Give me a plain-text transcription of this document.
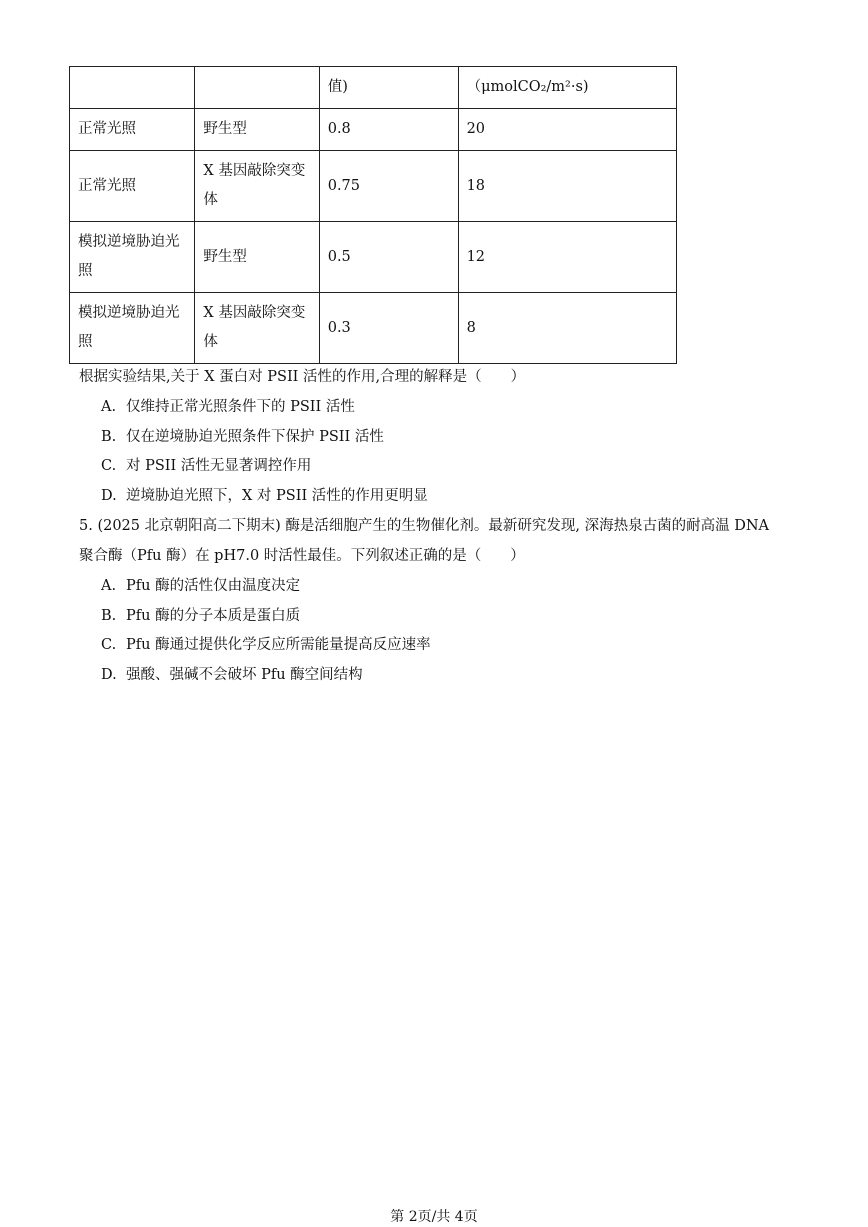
		值)	（μmolCO₂/m²·s)
正常光照	野生型	0.8	20
正常光照	X 基因敲除突变体	0.75	18
模拟逆境胁迫光照	野生型	0.5	12
模拟逆境胁迫光照	X 基因敲除突变体	0.3	8
根据实验结果,关于 X 蛋白对 PSII 活性的作用,合理的解释是（　　）
A. 仅维持正常光照条件下的 PSII 活性
B. 仅在逆境胁迫光照条件下保护 PSII 活性
C. 对 PSII 活性无显著调控作用
D. 逆境胁迫光照下，X 对 PSII 活性的作用更明显
5. (2025 北京朝阳高二下期末) 酶是活细胞产生的生物催化剂。最新研究发现, 深海热泉古菌的耐高温 DNA
聚合酶（Pfu 酶）在 pH7.0 时活性最佳。下列叙述正确的是（　　）
A. Pfu 酶的活性仅由温度决定
B. Pfu 酶的分子本质是蛋白质
C. Pfu 酶通过提供化学反应所需能量提高反应速率
D. 强酸、强碱不会破坏 Pfu 酶空间结构
第 2页/共 4页
